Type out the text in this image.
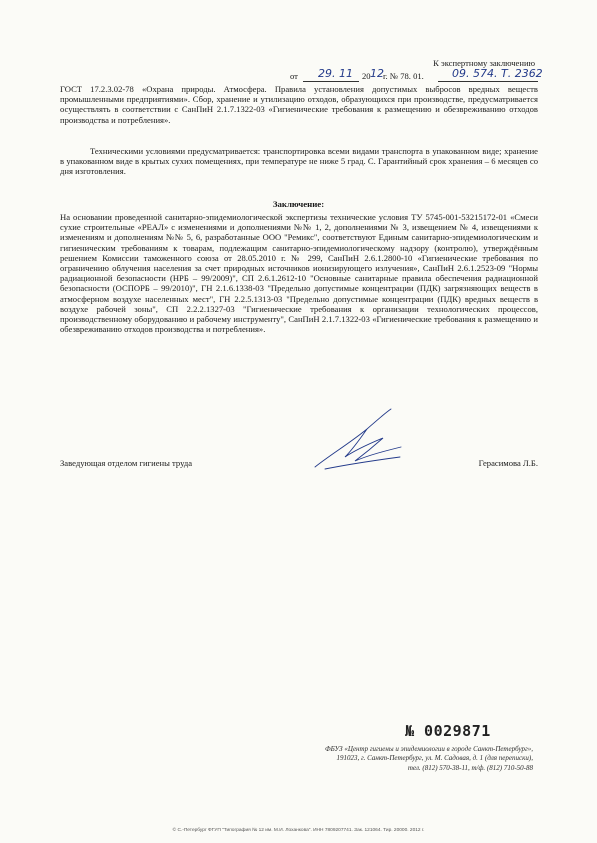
К экспертному заключению
от 29. 11 20 12 г. № 78. 01.	09. 574. Т. 2362
ГОСТ 17.2.3.02-78 «Охрана природы. Атмосфера. Правила установления допустимых выбросов вредных веществ промышленными предприятиями». Сбор, хранение и утилизацию отходов, образующихся при производстве, предусматривается осуществлять в соответствии с СанПиН 2.1.7.1322-03 «Гигиенические требования к размещению и обезвреживанию отходов производства и потребления».
Техническими условиями предусматривается: транспортировка всеми видами транспорта в упакованном виде; хранение в упакованном виде в крытых сухих помещениях, при температуре не ниже 5 град. С. Гарантийный срок хранения – 6 месяцев со дня изготовления.
Заключение:
На основании проведенной санитарно-эпидемиологической экспертизы технические условия ТУ 5745-001-53215172-01 «Смеси сухие строительные «РЕАЛ» с изменениями и дополнениями №№ 1, 2, дополнениями № 3, извещением № 4, извещениями к изменениям и дополнениям №№ 5, 6, разработанные ООО "Ремикс", соответствуют Единым санитарно-эпидемиологическим и гигиеническим требованиям к товарам, подлежащим санитарно-эпидемиологическому надзору (контролю), утверждённым решением Комиссии таможенного союза от 28.05.2010 г. № 299, СанПиН 2.6.1.2800-10 «Гигиенические требования по ограничению облучения населения за счет природных источников ионизирующего излучения», СанПиН 2.6.1.2523-09 "Нормы радиационной безопасности (НРБ – 99/2009)", СП 2.6.1.2612-10 "Основные санитарные правила обеспечения радиационной безопасности (ОСПОРБ – 99/2010)", ГН 2.1.6.1338-03 "Предельно допустимые концентрации (ПДК) загрязняющих веществ в атмосферном воздухе населенных мест", ГН 2.2.5.1313-03 "Предельно допустимые концентрации (ПДК) вредных веществ в воздухе рабочей зоны", СП 2.2.2.1327-03 "Гигиенические требования к организации технологических процессов, производственному оборудованию и рабочему инструменту", СанПиН 2.1.7.1322-03 «Гигиенические требования к размещению и обезвреживанию отходов производства и потребления».
Заведующая отделом гигиены труда	Герасимова Л.Б.
№ 0029871
ФБУЗ «Центр гигиены и эпидемиологии в городе Санкт-Петербург»,
191023, г. Санкт-Петербург, ул. М. Садовая, д. 1 (для переписки),
тел. (812) 570-38-11, т/ф. (812) 710-50-88
© С.-Петербург ФГУП "Типография № 12 им. М.И. Лоханкова". ИНН 7809207741. Зак. 121064. Тир. 20000. 2012 г.
